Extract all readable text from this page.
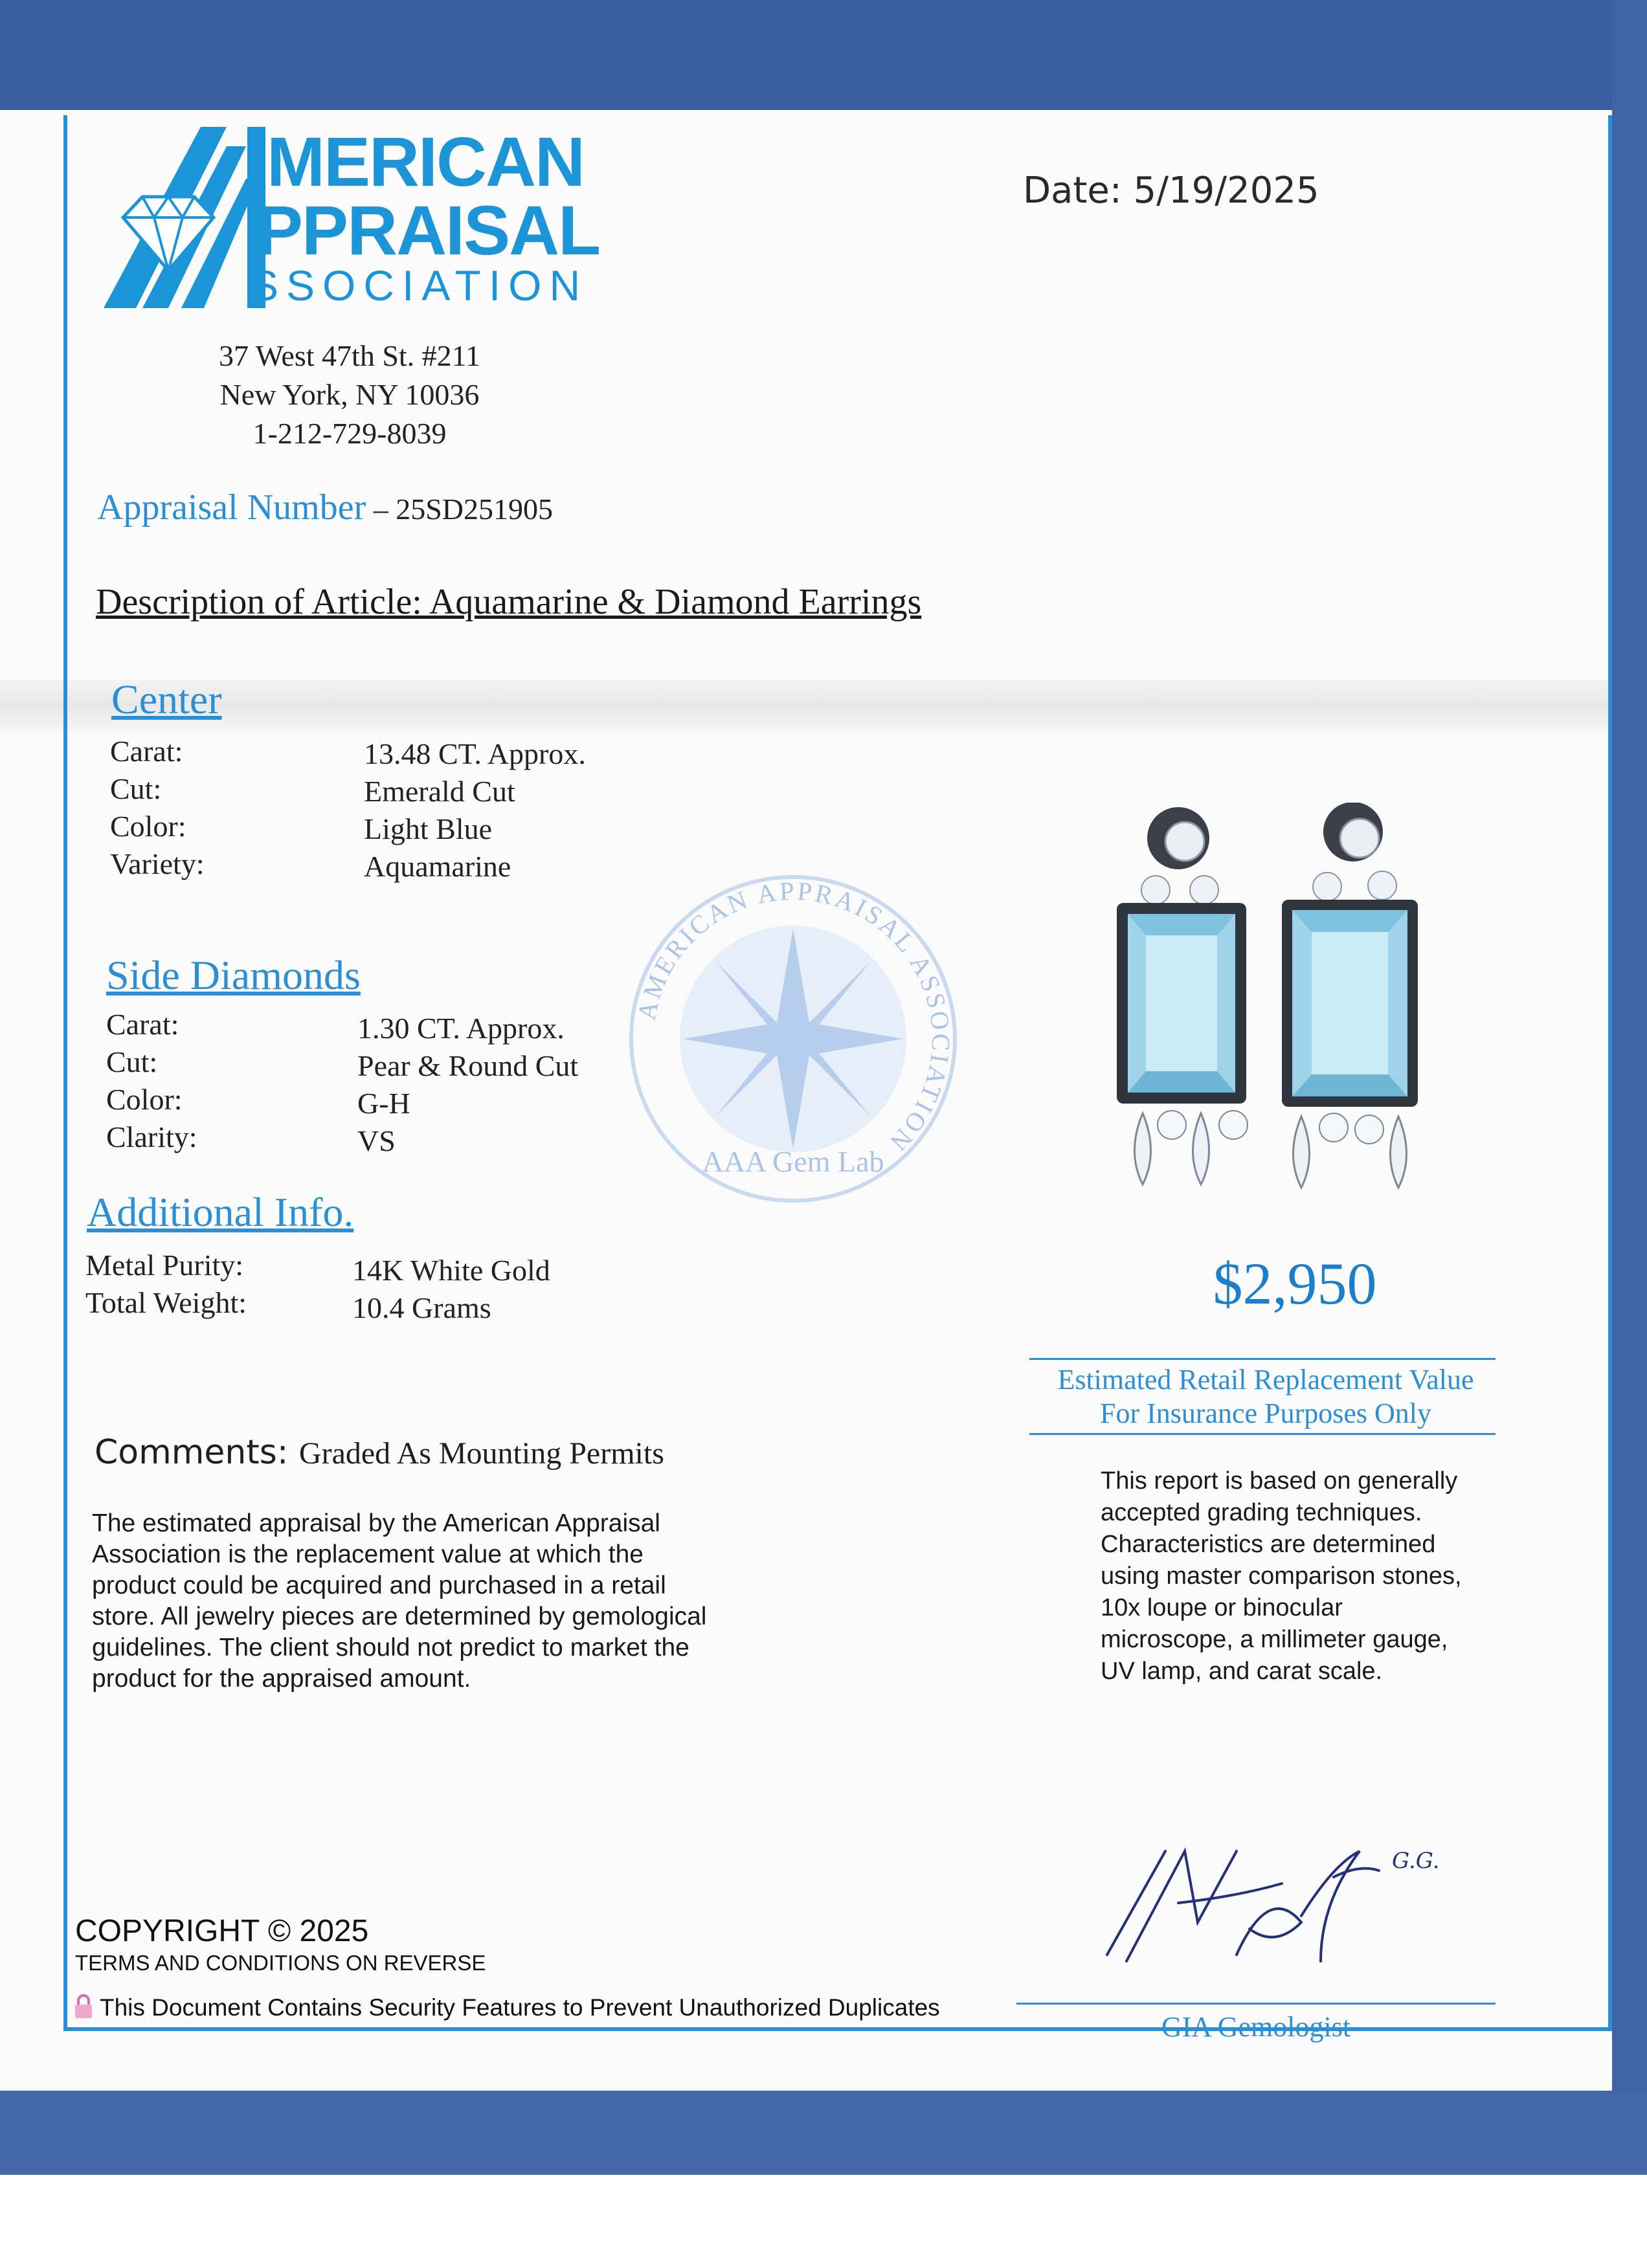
MERICAN
PPRAISAL
SSOCIATION
Date: 5/19/2025
37 West 47th St. #211
New York, NY 10036
1-212-729-8039
Appraisal Number – 25SD251905
Description of Article: Aquamarine & Diamond Earrings
Center
Carat:
Cut:
Color:
Variety:
13.48 CT. Approx.
Emerald Cut
Light Blue
Aquamarine
Side Diamonds
Carat:
Cut:
Color:
Clarity:
1.30 CT. Approx.
Pear & Round Cut
G-H
VS
Additional Info.
Metal Purity:
Total Weight:
14K White Gold
10.4 Grams
AMERICAN APPRAISAL ASSOCIATION
AAA Gem Lab
$2,950
Estimated Retail Replacement Value
For Insurance Purposes Only
Comments: Graded As Mounting Permits
The estimated appraisal by the American Appraisal Association is the replacement value at which the product could be acquired and purchased in a retail store. All jewelry pieces are determined by gemological guidelines. The client should not predict to market the product for the appraised amount.
This report is based on generally accepted grading techniques. Characteristics are determined using master comparison stones, 10x loupe or binocular microscope, a millimeter gauge, UV lamp, and carat scale.
G.G.
GIA Gemologist
COPYRIGHT © 2025
TERMS AND CONDITIONS ON REVERSE
This Document Contains Security Features to Prevent Unauthorized Duplicates
